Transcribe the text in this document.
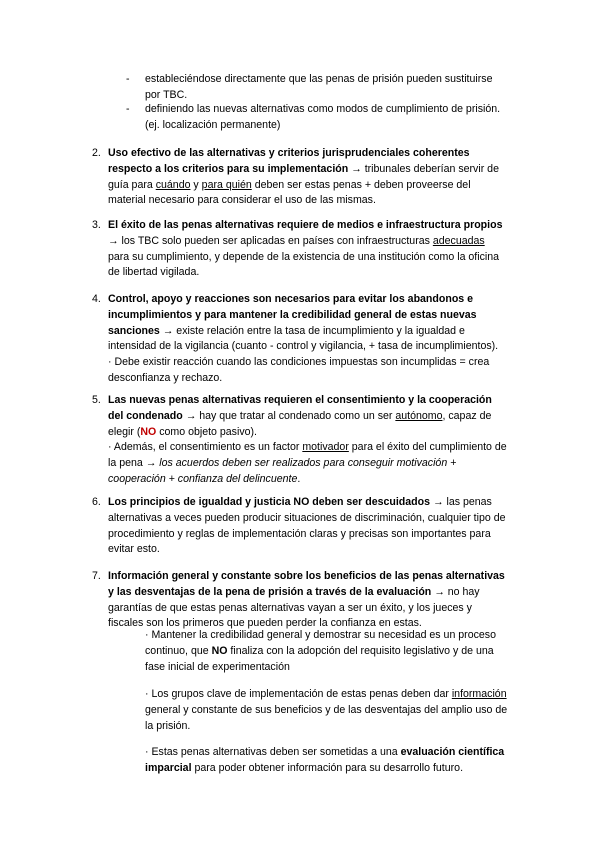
- estableciéndose directamente que las penas de prisión pueden sustituirse
por TBC.
- definiendo las nuevas alternativas como modos de cumplimiento de prisión.
(ej. localización permanente)
2. Uso efectivo de las alternativas y criterios jurisprudenciales coherentes
respecto a los criterios para su implementación → tribunales deberían servir de
guía para cuándo y para quién deben ser estas penas + deben proveerse del
material necesario para considerar el uso de las mismas.
3. El éxito de las penas alternativas requiere de medios e infraestructura propios
→ los TBC solo pueden ser aplicadas en países con infraestructuras adecuadas
para su cumplimiento, y depende de la existencia de una institución como la oficina
de libertad vigilada.
4. Control, apoyo y reacciones son necesarios para evitar los abandonos e
incumplimientos y para mantener la credibilidad general de estas nuevas
sanciones → existe relación entre la tasa de incumplimiento y la igualdad e
intensidad de la vigilancia (cuanto - control y vigilancia, + tasa de incumplimientos).
· Debe existir reacción cuando las condiciones impuestas son incumplidas = crea
desconfianza y rechazo.
5. Las nuevas penas alternativas requieren el consentimiento y la cooperación
del condenado → hay que tratar al condenado como un ser autónomo, capaz de
elegir (NO como objeto pasivo).
· Además, el consentimiento es un factor motivador para el éxito del cumplimiento de
la pena → los acuerdos deben ser realizados para conseguir motivación +
cooperación + confianza del delincuente.
6. Los principios de igualdad y justicia NO deben ser descuidados → las penas
alternativas a veces pueden producir situaciones de discriminación, cualquier tipo de
procedimiento y reglas de implementación claras y precisas son importantes para
evitar esto.
7. Información general y constante sobre los beneficios de las penas alternativas
y las desventajas de la pena de prisión a través de la evaluación → no hay
garantías de que estas penas alternativas vayan a ser un éxito, y los jueces y
fiscales son los primeros que pueden perder la confianza en estas.
· Mantener la credibilidad general y demostrar su necesidad es un proceso
continuo, que NO finaliza con la adopción del requisito legislativo y de una
fase inicial de experimentación
· Los grupos clave de implementación de estas penas deben dar información
general y constante de sus beneficios y de las desventajas del amplio uso de
la prisión.
· Estas penas alternativas deben ser sometidas a una evaluación científica
imparcial para poder obtener información para su desarrollo futuro.
